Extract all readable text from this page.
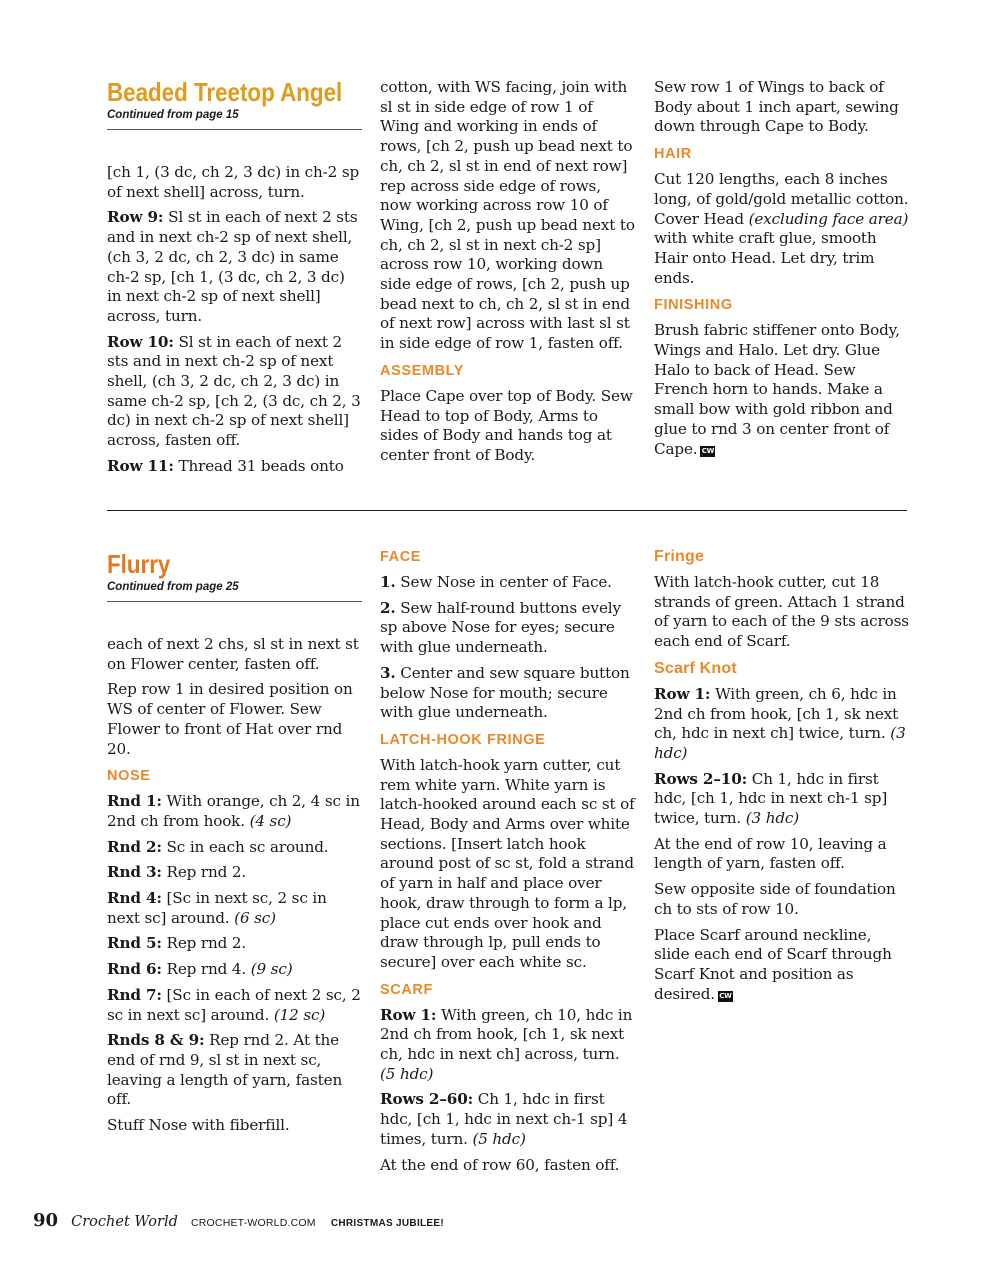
Beaded Treetop Angel
Continued from page 15
[ch 1, (3 dc, ch 2, 3 dc) in ch-2 sp of next shell] across, turn.
Row 9: Sl st in each of next 2 sts and in next ch-2 sp of next shell, (ch 3, 2 dc, ch 2, 3 dc) in same ch-2 sp, [ch 1, (3 dc, ch 2, 3 dc) in next ch-2 sp of next shell] across, turn.
Row 10: Sl st in each of next 2 sts and in next ch-2 sp of next shell, (ch 3, 2 dc, ch 2, 3 dc) in same ch-2 sp, [ch 2, (3 dc, ch 2, 3 dc) in next ch-2 sp of next shell] across, fasten off.
Row 11: Thread 31 beads onto
cotton, with WS facing, join with sl st in side edge of row 1 of Wing and working in ends of rows, [ch 2, push up bead next to ch, ch 2, sl st in end of next row] rep across side edge of rows, now working across row 10 of Wing, [ch 2, push up bead next to ch, ch 2, sl st in next ch-2 sp] across row 10, working down side edge of rows, [ch 2, push up bead next to ch, ch 2, sl st in end of next row] across with last sl st in side edge of row 1, fasten off.
ASSEMBLY
Place Cape over top of Body. Sew Head to top of Body, Arms to sides of Body and hands tog at center front of Body.
Sew row 1 of Wings to back of Body about 1 inch apart, sewing down through Cape to Body.
HAIR
Cut 120 lengths, each 8 inches long, of gold/gold metallic cotton. Cover Head (excluding face area) with white craft glue, smooth Hair onto Head. Let dry, trim ends.
FINISHING
Brush fabric stiffener onto Body, Wings and Halo. Let dry. Glue Halo to back of Head. Sew French horn to hands. Make a small bow with gold ribbon and glue to rnd 3 on center front of Cape. CW
Flurry
Continued from page 25
each of next 2 chs, sl st in next st on Flower center, fasten off.
Rep row 1 in desired position on WS of center of Flower. Sew Flower to front of Hat over rnd 20.
NOSE
Rnd 1: With orange, ch 2, 4 sc in 2nd ch from hook. (4 sc)
Rnd 2: Sc in each sc around.
Rnd 3: Rep rnd 2.
Rnd 4: [Sc in next sc, 2 sc in next sc] around. (6 sc)
Rnd 5: Rep rnd 2.
Rnd 6: Rep rnd 4. (9 sc)
Rnd 7: [Sc in each of next 2 sc, 2 sc in next sc] around. (12 sc)
Rnds 8 & 9: Rep rnd 2. At the end of rnd 9, sl st in next sc, leaving a length of yarn, fasten off.
Stuff Nose with fiberfill.
FACE
1. Sew Nose in center of Face.
2. Sew half-round buttons evely sp above Nose for eyes; secure with glue underneath.
3. Center and sew square button below Nose for mouth; secure with glue underneath.
LATCH-HOOK FRINGE
With latch-hook yarn cutter, cut rem white yarn. White yarn is latch-hooked around each sc st of Head, Body and Arms over white sections. [Insert latch hook around post of sc st, fold a strand of yarn in half and place over hook, draw through to form a lp, place cut ends over hook and draw through lp, pull ends to secure] over each white sc.
SCARF
Row 1: With green, ch 10, hdc in 2nd ch from hook, [ch 1, sk next ch, hdc in next ch] across, turn. (5 hdc)
Rows 2–60: Ch 1, hdc in first hdc, [ch 1, hdc in next ch-1 sp] 4 times, turn. (5 hdc)
At the end of row 60, fasten off.
Fringe
With latch-hook cutter, cut 18 strands of green. Attach 1 strand of yarn to each of the 9 sts across each end of Scarf.
Scarf Knot
Row 1: With green, ch 6, hdc in 2nd ch from hook, [ch 1, sk next ch, hdc in next ch] twice, turn. (3 hdc)
Rows 2–10: Ch 1, hdc in first hdc, [ch 1, hdc in next ch-1 sp] twice, turn. (3 hdc)
At the end of row 10, leaving a length of yarn, fasten off.
Sew opposite side of foundation ch to sts of row 10.
Place Scarf around neckline, slide each end of Scarf through Scarf Knot and position as desired. CW
90 Crochet World CROCHET-WORLD.COM CHRISTMAS JUBILEE!
